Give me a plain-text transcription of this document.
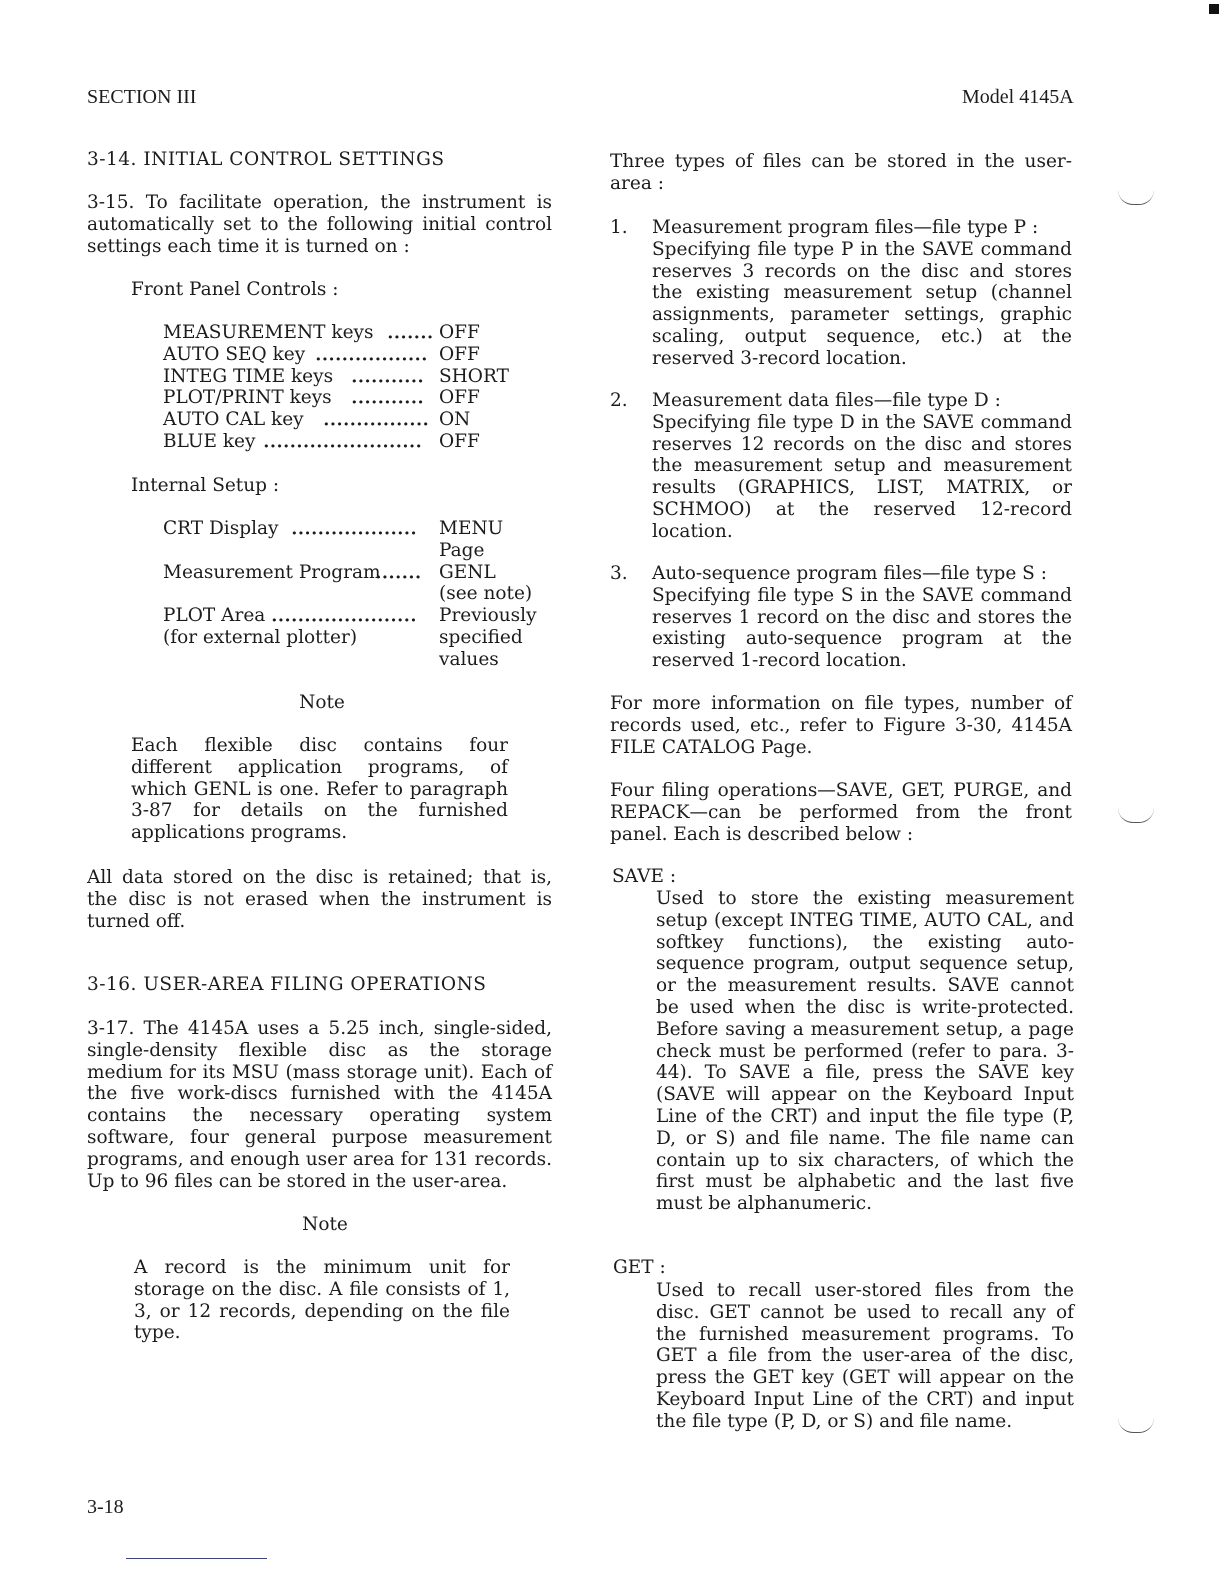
SECTION III	Model 4145A
3-14. INITIAL CONTROL SETTINGS
3-15. To facilitate operation, the instrument is automatically set to the following initial control settings each time it is turned on :
Front Panel Controls :
MEASUREMENT keys ••••••• OFF
AUTO SEQ key ••••••••••••••••• OFF
INTEG TIME keys ••••••••••• SHORT
PLOT/PRINT keys ••••••••••• OFF
AUTO CAL key •••••••••••••••• ON
BLUE key •••••••••••••••••••••••• OFF
Internal Setup :
CRT Display ••••••••••••••••••• MENU
Page
Measurement Program
••••••• GENL
(see note)
PLOT Area •••••••••••••••••••••• Previously
(for external plotter)	specified
values
Note
Each flexible disc contains four different application programs, of which GENL is one. Refer to paragraph 3-87 for details on the furnished applications programs.
All data stored on the disc is retained; that is, the disc is not erased when the instrument is turned off.
3-16. USER-AREA FILING OPERATIONS
3-17. The 4145A uses a 5.25 inch, single-sided, single-density flexible disc as the storage medium for its MSU (mass storage unit). Each of the five work-discs furnished with the 4145A contains the necessary operating system software, four general purpose measurement programs, and enough user area for 131 records. Up to 96 files can be stored in the user-area.
Note
A record is the minimum unit for storage on the disc. A file consists of 1, 3, or 12 records, depending on the file type.
Three types of files can be stored in the user-area :
1. Measurement program files—file type P :

Specifying file type P in the SAVE command reserves 3 records on the disc and stores the existing measurement setup (channel assignments, parameter settings, graphic scaling, output sequence, etc.) at the reserved 3-record location.

2. Measurement data files—file type D :

Specifying file type D in the SAVE command reserves 12 records on the disc and stores the measurement setup and measurement results (GRAPHICS, LIST, MATRIX, or SCHMOO) at the reserved 12-record location.

3. Auto-sequence program files—file type S :

Specifying file type S in the SAVE command reserves 1 record on the disc and stores the existing auto-sequence program at the reserved 1-record location.

For more information on file types, number of records used, etc., refer to Figure 3-30, 4145A FILE CATALOG Page.
Four filing operations—SAVE, GET, PURGE, and REPACK—can be performed from the front panel. Each is described below :
SAVE :
Used to store the existing measurement setup (except INTEG TIME, AUTO CAL, and softkey functions), the existing auto-sequence program, output sequence setup, or the measurement results. SAVE cannot be used when the disc is write-protected. Before saving a measurement setup, a page check must be performed (refer to para. 3-44). To SAVE a file, press the SAVE key (SAVE will appear on the Keyboard Input Line of the CRT) and input the file type (P, D, or S) and file name. The file name can contain up to six characters, of which the first must be alphabetic and the last five must be alphanumeric.
GET :
Used to recall user-stored files from the disc. GET cannot be used to recall any of the furnished measurement programs. To GET a file from the user-area of the disc, press the GET key (GET will appear on the Keyboard Input Line of the CRT) and input the file type (P, D, or S) and file name.
3-18
